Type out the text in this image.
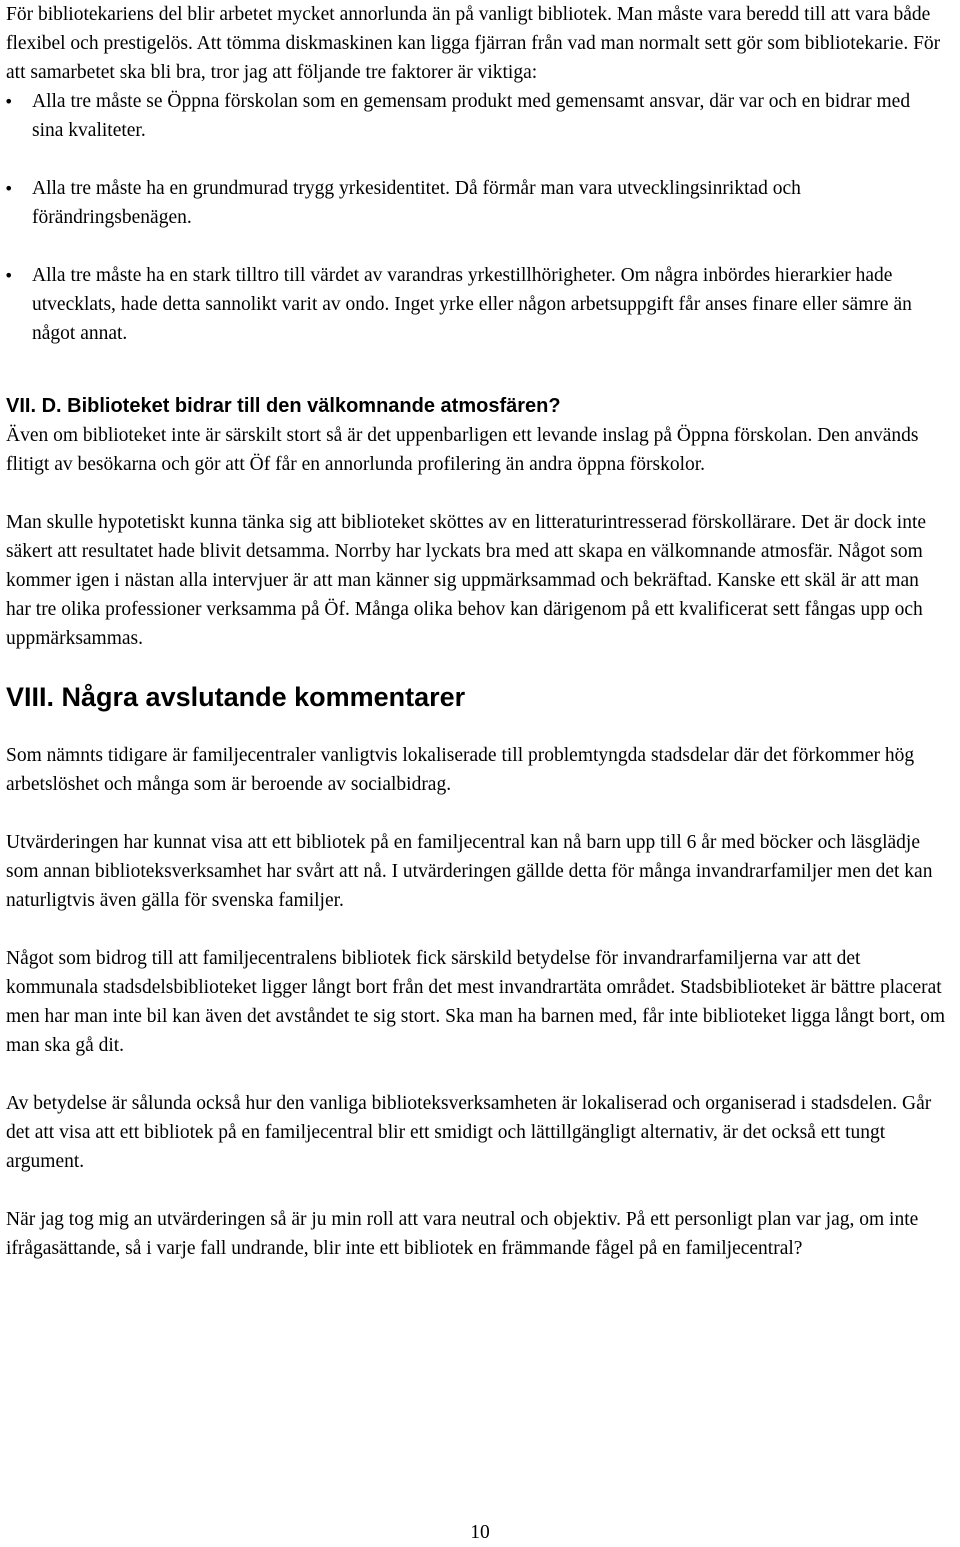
För bibliotekariens del blir arbetet mycket annorlunda än på vanligt bibliotek. Man måste vara beredd till att vara både flexibel och prestigelös. Att tömma diskmaskinen kan ligga fjärran från vad man normalt sett gör som bibliotekarie. För att samarbetet ska bli bra, tror jag att följande tre faktorer är viktiga:

• Alla tre måste se Öppna förskolan som en gemensam produkt med gemensamt ansvar, där var och en bidrar med sina kvaliteter.
• Alla tre måste ha en grundmurad trygg yrkesidentitet. Då förmår man vara utvecklingsinriktad och förändringsbenägen.
• Alla tre måste ha en stark tilltro till värdet av varandras yrkestillhörigheter. Om några inbördes hierarkier hade utvecklats, hade detta sannolikt varit av ondo. Inget yrke eller någon arbetsuppgift får anses finare eller sämre än något annat.
VII. D. Biblioteket bidrar till den välkomnande atmosfären?

Även om biblioteket inte är särskilt stort så är det uppenbarligen ett levande inslag på Öppna förskolan. Den används flitigt av besökarna och gör att Öf får en annorlunda profilering än andra öppna förskolor.

Man skulle hypotetiskt kunna tänka sig att biblioteket sköttes av en litteraturintresserad förskollärare. Det är dock inte säkert att resultatet hade blivit detsamma. Norrby har lyckats bra med att skapa en välkomnande atmosfär. Något som kommer igen i nästan alla intervjuer är att man känner sig uppmärksammad och bekräftad. Kanske ett skäl är att man har tre olika professioner verksamma på Öf. Många olika behov kan därigenom på ett kvalificerat sett fångas upp och uppmärksammas.

VIII. Några avslutande kommentarer

Som nämnts tidigare är familjecentraler vanligtvis lokaliserade till problemtyngda stadsdelar där det förkommer hög arbetslöshet och många som är beroende av socialbidrag.

Utvärderingen har kunnat visa att ett bibliotek på en familjecentral kan nå barn upp till 6 år med böcker och läsglädje som annan biblioteksverksamhet har svårt att nå. I utvärderingen gällde detta för många invandrarfamiljer men det kan naturligtvis även gälla för svenska familjer.

Något som bidrog till att familjecentralens bibliotek fick särskild betydelse för invandrarfamiljerna var att det kommunala stadsdelsbiblioteket ligger långt bort från det mest invandrartäta området. Stadsbiblioteket är bättre placerat men har man inte bil kan även det avståndet te sig stort. Ska man ha barnen med, får inte biblioteket ligga långt bort, om man ska gå dit.

Av betydelse är sålunda också hur den vanliga biblioteksverksamheten är lokaliserad och organiserad i stadsdelen. Går det att visa att ett bibliotek på en familjecentral blir ett smidigt och lättillgängligt alternativ, är det också ett tungt argument.

När jag tog mig an utvärderingen så är ju min roll att vara neutral och objektiv. På ett personligt plan var jag, om inte ifrågasättande, så i varje fall undrande, blir inte ett bibliotek en främmande fågel på en familjecentral?

10
